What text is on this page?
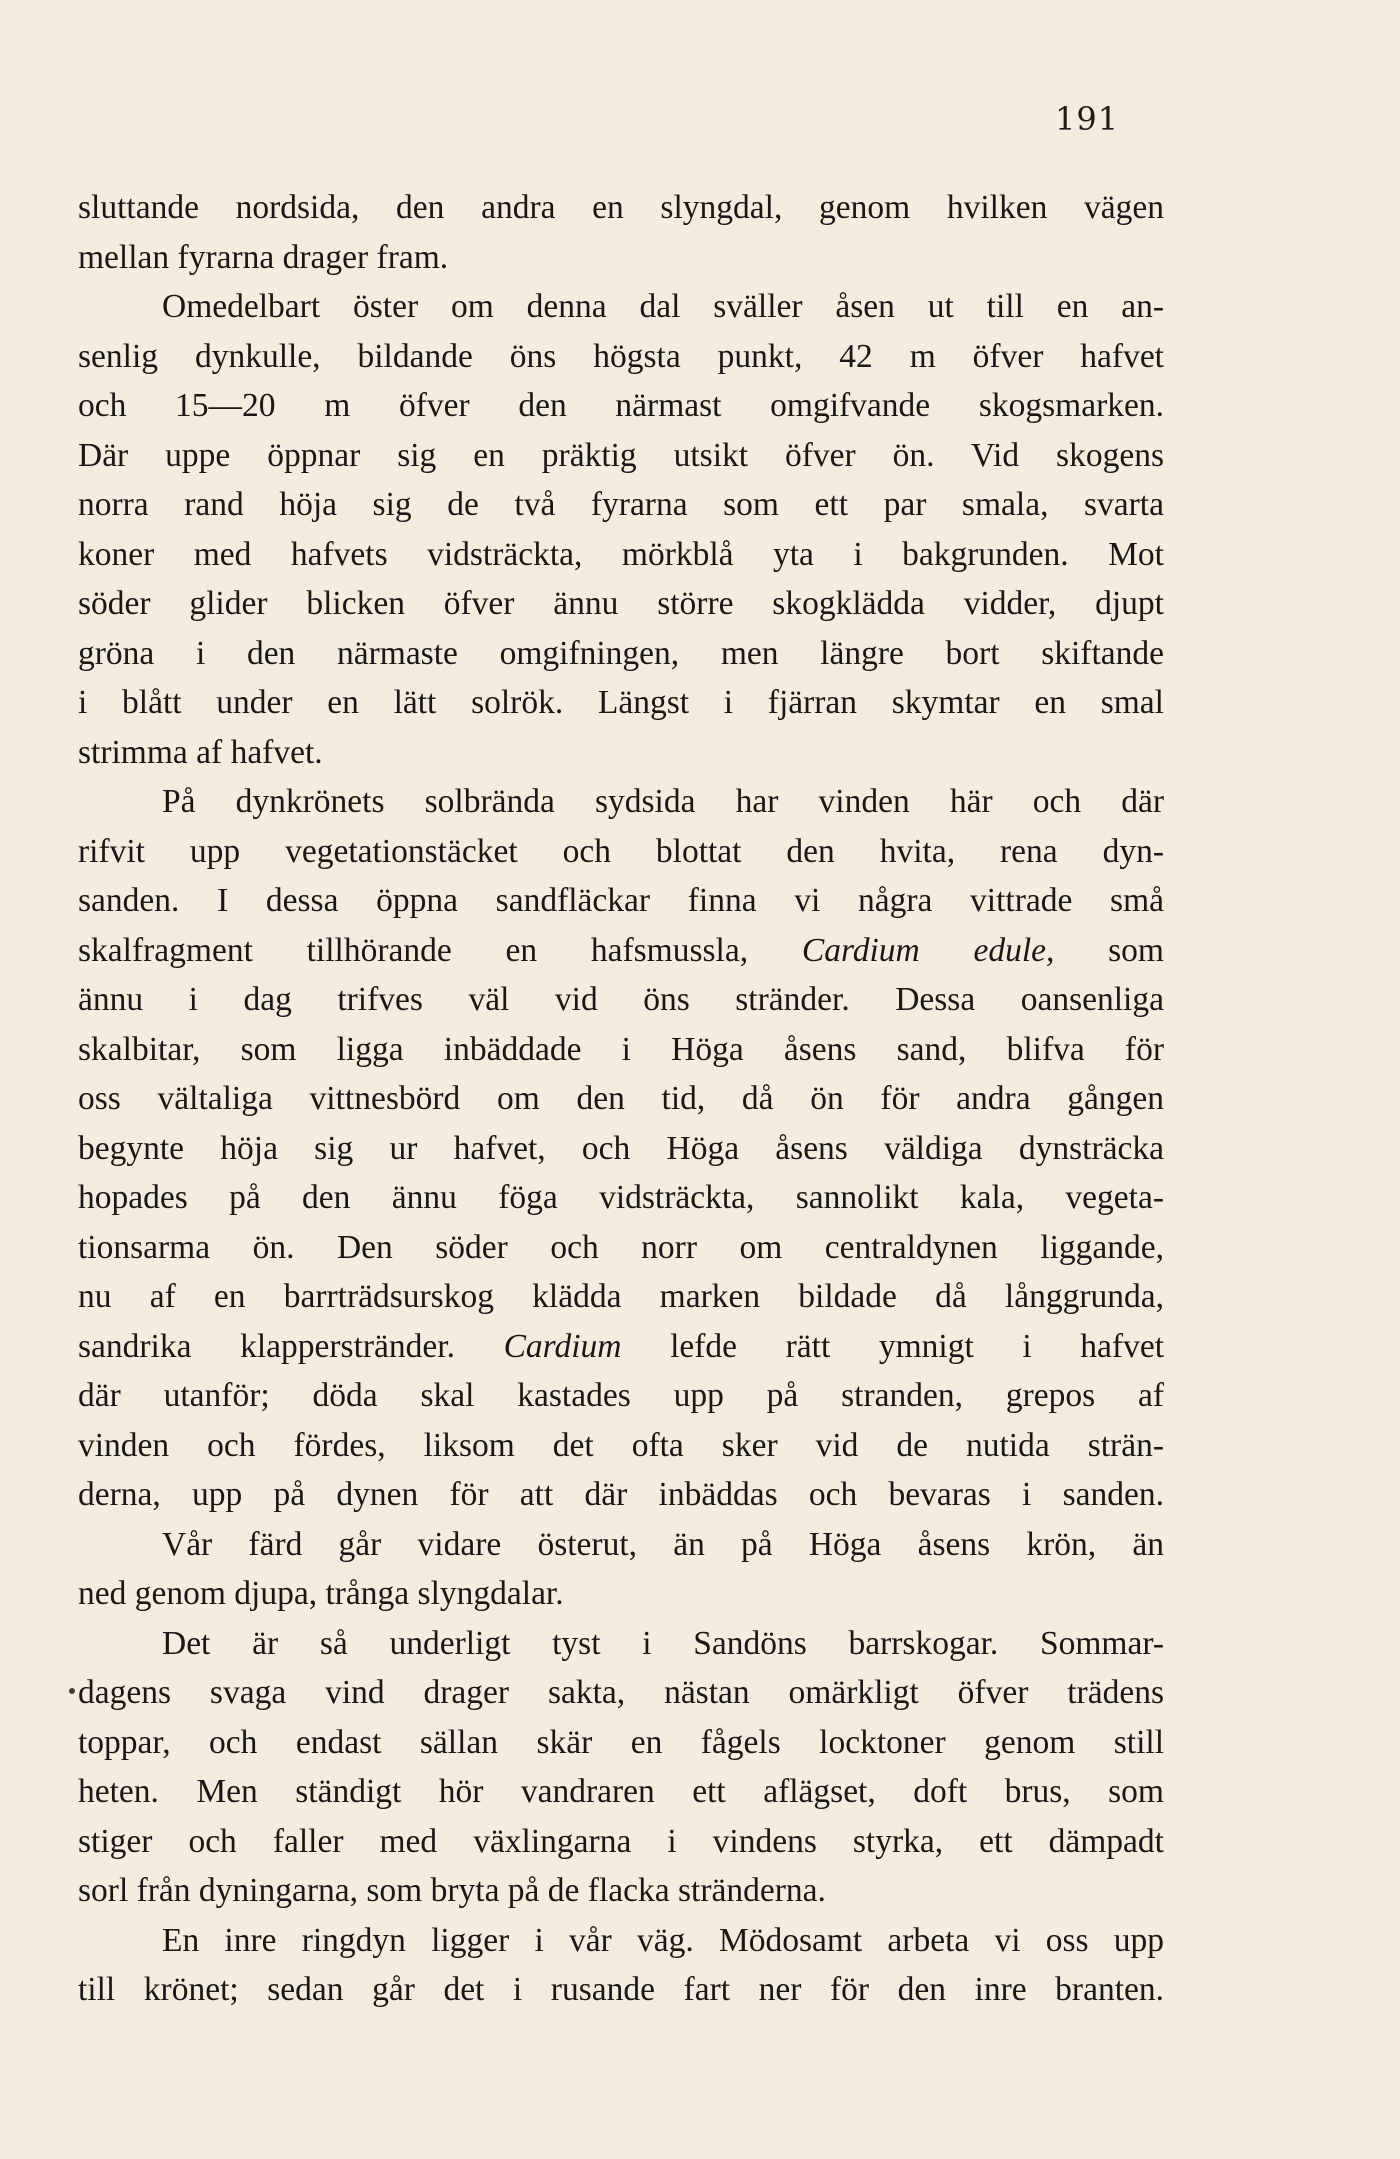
191
sluttande nordsida, den andra en slyngdal, genom hvilken vägen
mellan fyrarna drager fram.
Omedelbart öster om denna dal sväller åsen ut till en an-
senlig dynkulle, bildande öns högsta punkt, 42 m öfver hafvet
och 15—20 m öfver den närmast omgifvande skogsmarken.
Där uppe öppnar sig en präktig utsikt öfver ön. Vid skogens
norra rand höja sig de två fyrarna som ett par smala, svarta
koner med hafvets vidsträckta, mörkblå yta i bakgrunden. Mot
söder glider blicken öfver ännu större skogklädda vidder, djupt
gröna i den närmaste omgifningen, men längre bort skiftande
i blått under en lätt solrök. Längst i fjärran skymtar en smal
strimma af hafvet.
På dynkrönets solbrända sydsida har vinden här och där
rifvit upp vegetationstäcket och blottat den hvita, rena dyn-
sanden. I dessa öppna sandfläckar finna vi några vittrade små
skalfragment tillhörande en hafsmussla, Cardium edule, som
ännu i dag trifves väl vid öns stränder. Dessa oansenliga
skalbitar, som ligga inbäddade i Höga åsens sand, blifva för
oss vältaliga vittnesbörd om den tid, då ön för andra gången
begynte höja sig ur hafvet, och Höga åsens väldiga dynsträcka
hopades på den ännu föga vidsträckta, sannolikt kala, vegeta-
tionsarma ön. Den söder och norr om centraldynen liggande,
nu af en barrträdsurskog klädda marken bildade då långgrunda,
sandrika klapperstränder. Cardium lefde rätt ymnigt i hafvet
där utanför; döda skal kastades upp på stranden, grepos af
vinden och fördes, liksom det ofta sker vid de nutida strän-
derna, upp på dynen för att där inbäddas och bevaras i sanden.
Vår färd går vidare österut, än på Höga åsens krön, än
ned genom djupa, trånga slyngdalar.
Det är så underligt tyst i Sandöns barrskogar. Sommar-
dagens svaga vind drager sakta, nästan omärkligt öfver trädens
toppar, och endast sällan skär en fågels locktoner genom still
heten. Men ständigt hör vandraren ett aflägset, doft brus, som
stiger och faller med växlingarna i vindens styrka, ett dämpadt
sorl från dyningarna, som bryta på de flacka stränderna.
En inre ringdyn ligger i vår väg. Mödosamt arbeta vi oss upp
till krönet; sedan går det i rusande fart ner för den inre branten.
